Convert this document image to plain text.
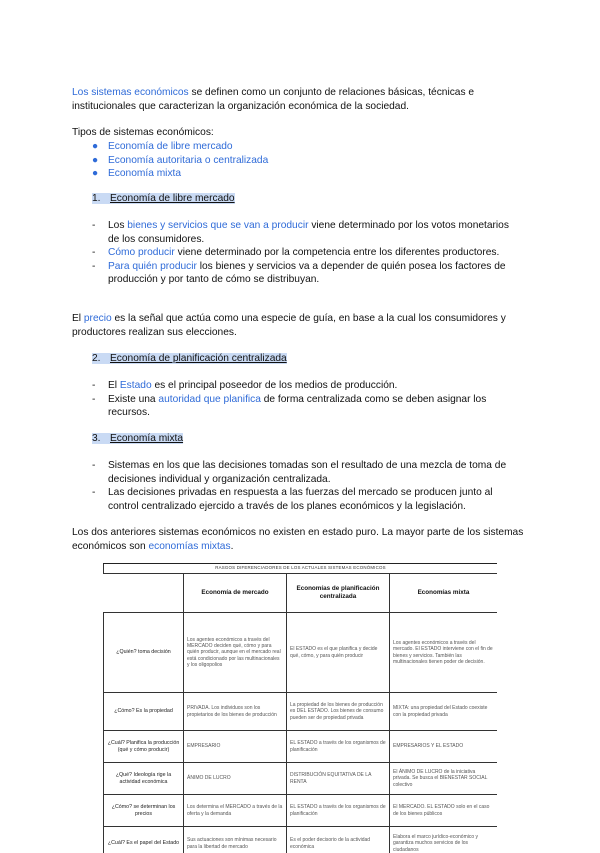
Los sistemas económicos se definen como un conjunto de relaciones básicas, técnicas e institucionales que caracterizan la organización económica de la sociedad.

Tipos de sistemas económicos:

● Economía de libre mercado
● Economía autoritaria o centralizada
● Economía mixta
1. Economía de libre mercado
- Los bienes y servicios que se van a producir viene determinado por los votos monetarios de los consumidores.
- Cómo producir viene determinado por la competencia entre los diferentes productores.
- Para quién producir los bienes y servicios va a depender de quién posea los factores de producción y por tanto de cómo se distribuyan.

El precio es la señal que actúa como una especie de guía, en base a la cual los consumidores y productores realizan sus elecciones.

2. Economía de planificación centralizada
- El Estado es el principal poseedor de los medios de producción.
- Existe una autoridad que planifica de forma centralizada como se deben asignar los recursos.
3. Economía mixta
- Sistemas en los que las decisiones tomadas son el resultado de una mezcla de toma de decisiones individual y organización centralizada.
- Las decisiones privadas en respuesta a las fuerzas del mercado se producen junto al control centralizado ejercido a través de los planes económicos y la legislación.

Los dos anteriores sistemas económicos no existen en estado puro. La mayor parte de los sistemas económicos son economías mixtas.

RASGOS DIFERENCIADORES DE LOS ACTUALES SISTEMAS ECONÓMICOS			
	Economía de mercado	Economías de planificación centralizada	Economías mixta
¿Quién? toma decisión	Los agentes económicos a través del MERCADO deciden qué, cómo y para quién producir, aunque en el mercado real está condicionado por las multinacionales y los oligopolios	El ESTADO es el que planifica y decide qué, cómo, y para quién producir	Los agentes económicos a través del mercado. El ESTADO interviene con el fin de bienes y servicios. También las multinacionales tienen poder de decisión.
¿Cómo? Es la propiedad	PRIVADA. Los individuos son los propietarios de los bienes de producción	La propiedad de los bienes de producción es DEL ESTADO. Los bienes de consumo pueden ser de propiedad privada	MIXTA: una propiedad del Estado coexiste con la propiedad privada
¿Cuál? Planifica la producción (qué y cómo producir)	EMPRESARIO	EL ESTADO a través de los organismos de planificación	EMPRESARIOS Y EL ESTADO
¿Qué? Ideología rige la actividad económica	ÁNIMO DE LUCRO	DISTRIBUCIÓN EQUITATIVA DE LA RENTA	El ÁNIMO DE LUCRO de la iniciativa privada. Se busca el BIENESTAR SOCIAL colectivo
¿Cómo? se determinan los precios	Los determina el MERCADO a través de la oferta y la demanda	EL ESTADO a través de los organismos de planificación	El MERCADO. EL ESTADO solo en el caso de los bienes públicos
¿Cuál? Es el papel del Estado	Sus actuaciones son mínimas necesario para la libertad de mercado	Es el poder decisorio de la actividad económica	Elabora el marco jurídico-económico y garantiza muchos servicios de los ciudadanos
